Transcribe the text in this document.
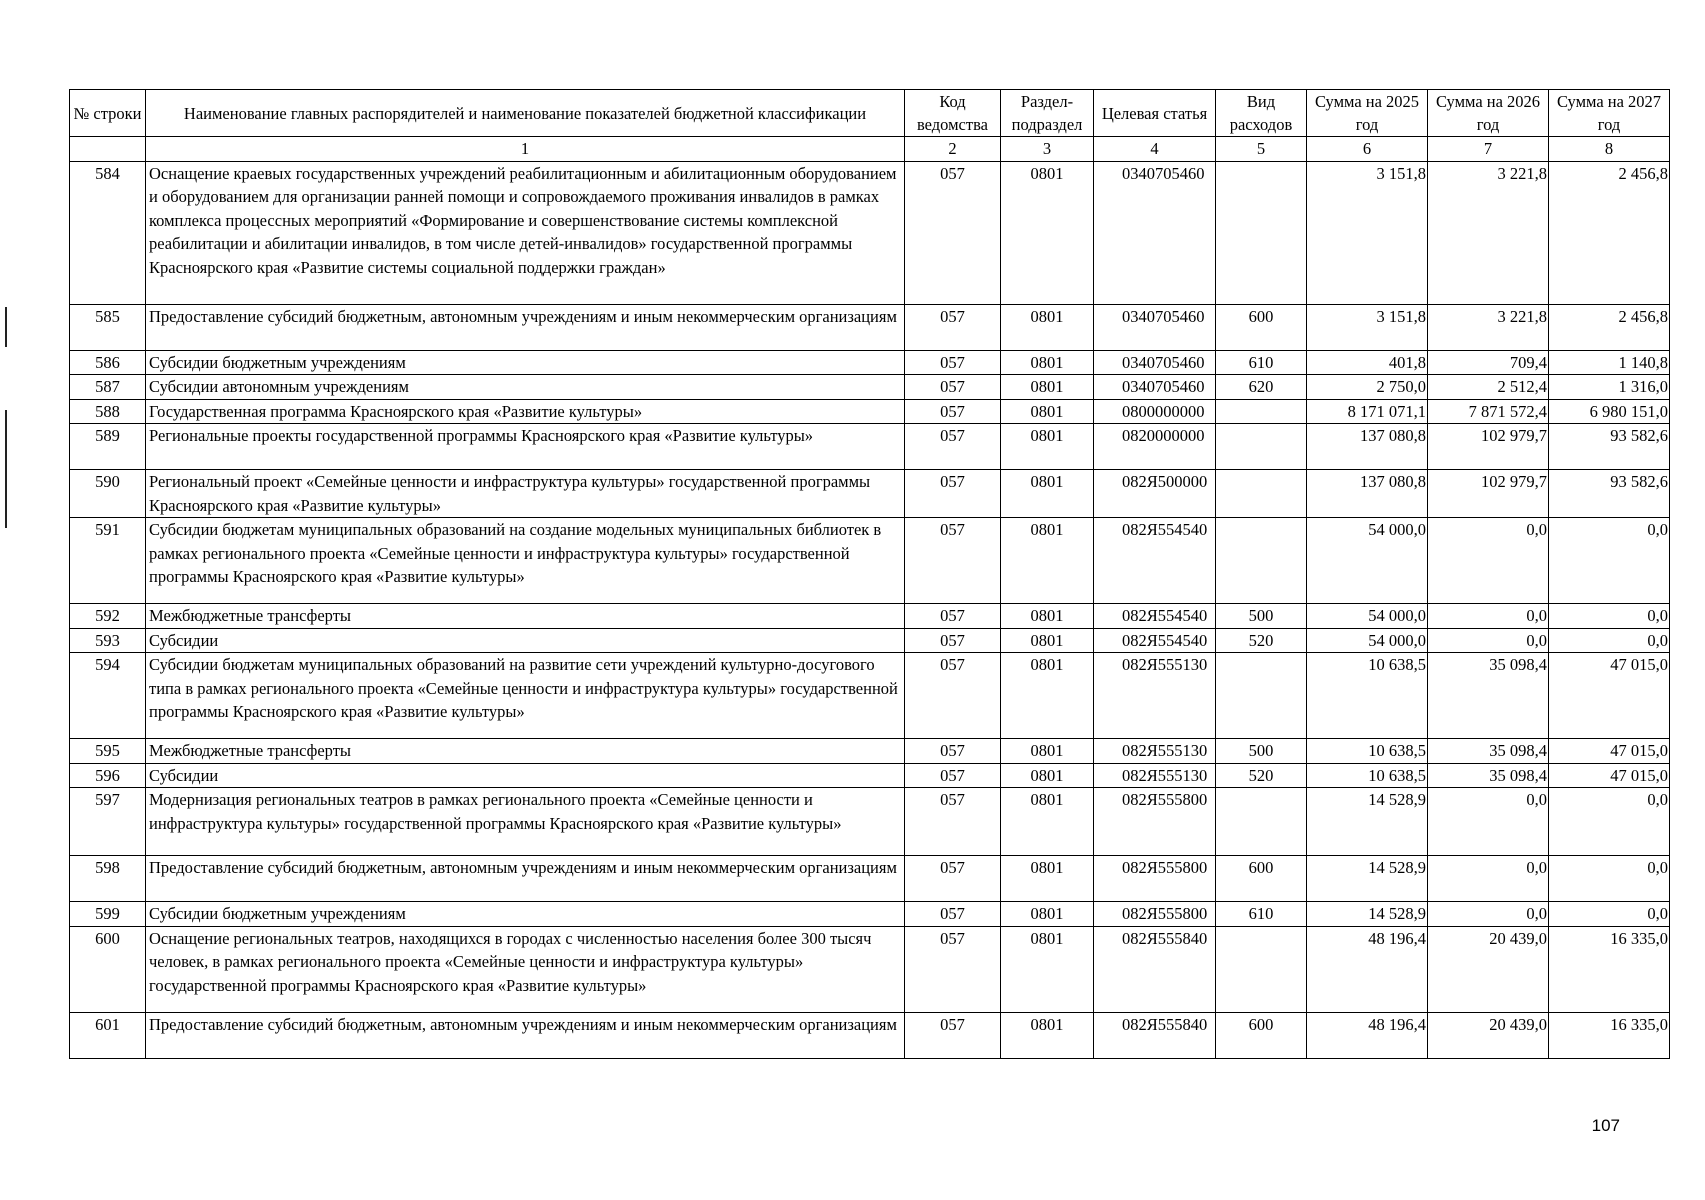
№ строки	Наименование главных распорядителей и наименование показателей бюджетной классификации	Код ведомства	Раздел-подраздел	Целевая статья	Вид расходов	Сумма на 2025 год	Сумма на 2026 год	Сумма на 2027 год
	1	2	3	4	5	6	7	8
584	Оснащение краевых государственных учреждений реабилитационным и абилитационным оборудованием и оборудованием для организации ранней помощи и сопровождаемого проживания инвалидов в рамках комплекса процессных мероприятий «Формирование и совершенствование системы комплексной реабилитации и абилитации инвалидов, в том числе детей-инвалидов» государственной программы Красноярского края «Развитие системы социальной поддержки граждан»	057	0801	0340705460		3 151,8	3 221,8	2 456,8
585	Предоставление субсидий бюджетным, автономным учреждениям и иным некоммерческим организациям	057	0801	0340705460	600	3 151,8	3 221,8	2 456,8
586	Субсидии бюджетным учреждениям	057	0801	0340705460	610	401,8	709,4	1 140,8
587	Субсидии автономным учреждениям	057	0801	0340705460	620	2 750,0	2 512,4	1 316,0
588	Государственная программа Красноярского края «Развитие культуры»	057	0801	0800000000		8 171 071,1	7 871 572,4	6 980 151,0
589	Региональные проекты государственной программы Красноярского края «Развитие культуры»	057	0801	0820000000		137 080,8	102 979,7	93 582,6
590	Региональный проект «Семейные ценности и инфраструктура культуры» государственной программы Красноярского края «Развитие культуры»	057	0801	082Я500000		137 080,8	102 979,7	93 582,6
591	Субсидии бюджетам муниципальных образований на создание модельных муниципальных библиотек в рамках регионального проекта «Семейные ценности и инфраструктура культуры» государственной программы Красноярского края «Развитие культуры»	057	0801	082Я554540		54 000,0	0,0	0,0
592	Межбюджетные трансферты	057	0801	082Я554540	500	54 000,0	0,0	0,0
593	Субсидии	057	0801	082Я554540	520	54 000,0	0,0	0,0
594	Субсидии бюджетам муниципальных образований на развитие сети учреждений культурно-досугового типа в рамках регионального проекта «Семейные ценности и инфраструктура культуры» государственной программы Красноярского края «Развитие культуры»	057	0801	082Я555130		10 638,5	35 098,4	47 015,0
595	Межбюджетные трансферты	057	0801	082Я555130	500	10 638,5	35 098,4	47 015,0
596	Субсидии	057	0801	082Я555130	520	10 638,5	35 098,4	47 015,0
597	Модернизация региональных театров в рамках регионального проекта «Семейные ценности и инфраструктура культуры» государственной программы Красноярского края «Развитие культуры»	057	0801	082Я555800		14 528,9	0,0	0,0
598	Предоставление субсидий бюджетным, автономным учреждениям и иным некоммерческим организациям	057	0801	082Я555800	600	14 528,9	0,0	0,0
599	Субсидии бюджетным учреждениям	057	0801	082Я555800	610	14 528,9	0,0	0,0
600	Оснащение региональных театров, находящихся в городах с численностью населения более 300 тысяч человек, в рамках регионального проекта «Семейные ценности и инфраструктура культуры» государственной программы Красноярского края «Развитие культуры»	057	0801	082Я555840		48 196,4	20 439,0	16 335,0
601	Предоставление субсидий бюджетным, автономным учреждениям и иным некоммерческим организациям	057	0801	082Я555840	600	48 196,4	20 439,0	16 335,0
107
